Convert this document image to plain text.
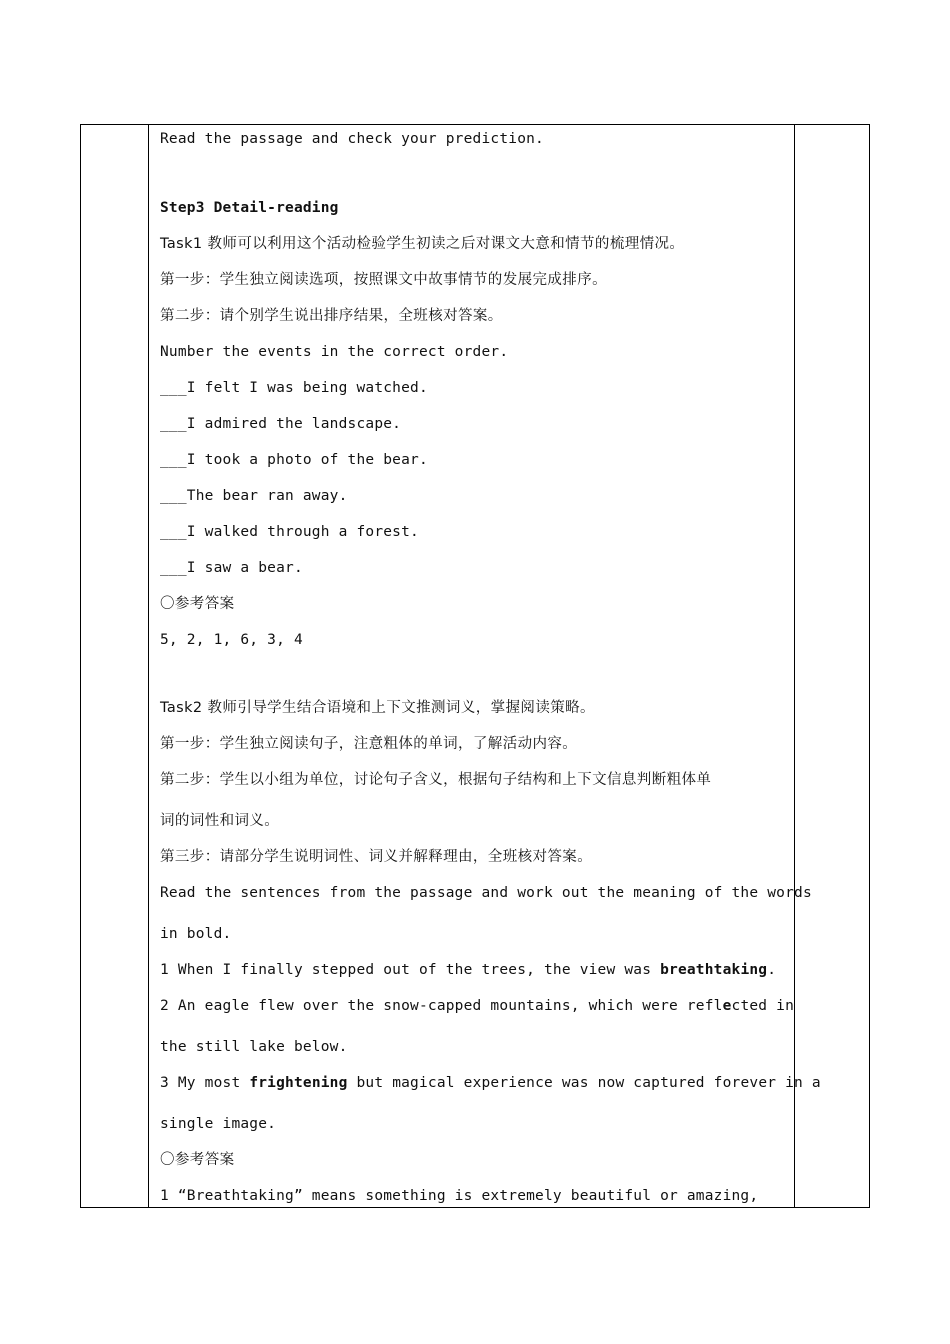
Read the passage and check your prediction.
Step3 Detail-reading
Task1 教师可以利用这个活动检验学生初读之后对课文大意和情节的梳理情况。
第一步：学生独立阅读选项，按照课文中故事情节的发展完成排序。
第二步：请个别学生说出排序结果，全班核对答案。
Number the events in the correct order.
___I felt I was being watched.
___I admired the landscape.
___I took a photo of the bear.
___The bear ran away.
___I walked through a forest.
___I saw a bear.
〇参考答案
5, 2, 1, 6, 3, 4
Task2 教师引导学生结合语境和上下文推测词义，掌握阅读策略。
第一步：学生独立阅读句子，注意粗体的单词，了解活动内容。
第二步：学生以小组为单位，讨论句子含义，根据句子结构和上下文信息判断粗体单
词的词性和词义。
第三步：请部分学生说明词性、词义并解释理由，全班核对答案。
Read the sentences from the passage and work out the meaning of the words
in bold.
1 When I finally stepped out of the trees, the view was breathtaking.
2 An eagle flew over the snow-capped mountains, which were reflected in
the still lake below.
3 My most frightening but magical experience was now captured forever in a
single image.
〇参考答案
1 “Breathtaking” means something is extremely beautiful or amazing,
